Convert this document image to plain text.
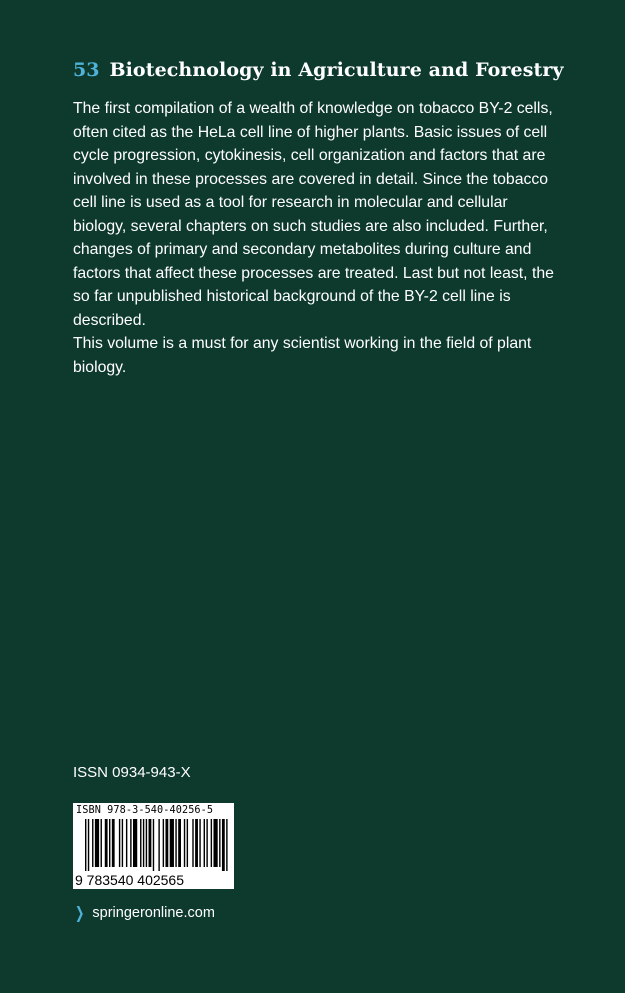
53 Biotechnology in Agriculture and Forestry

The first compilation of a wealth of knowledge on tobacco BY-2 cells, often cited as the HeLa cell line of higher plants. Basic issues of cell cycle progression, cytokinesis, cell organization and factors that are involved in these processes are covered in detail. Since the tobacco cell line is used as a tool for research in molecular and cellular biology, several chapters on such studies are also included. Further, changes of primary and secondary metabolites during culture and factors that affect these processes are treated. Last but not least, the so far unpublished historical background of the BY-2 cell line is described.

This volume is a must for any scientist working in the field of plant biology.

ISSN 0934-943-X
ISBN 978-3-540-40256-5
9 783540 402565
❯ springeronline.com
